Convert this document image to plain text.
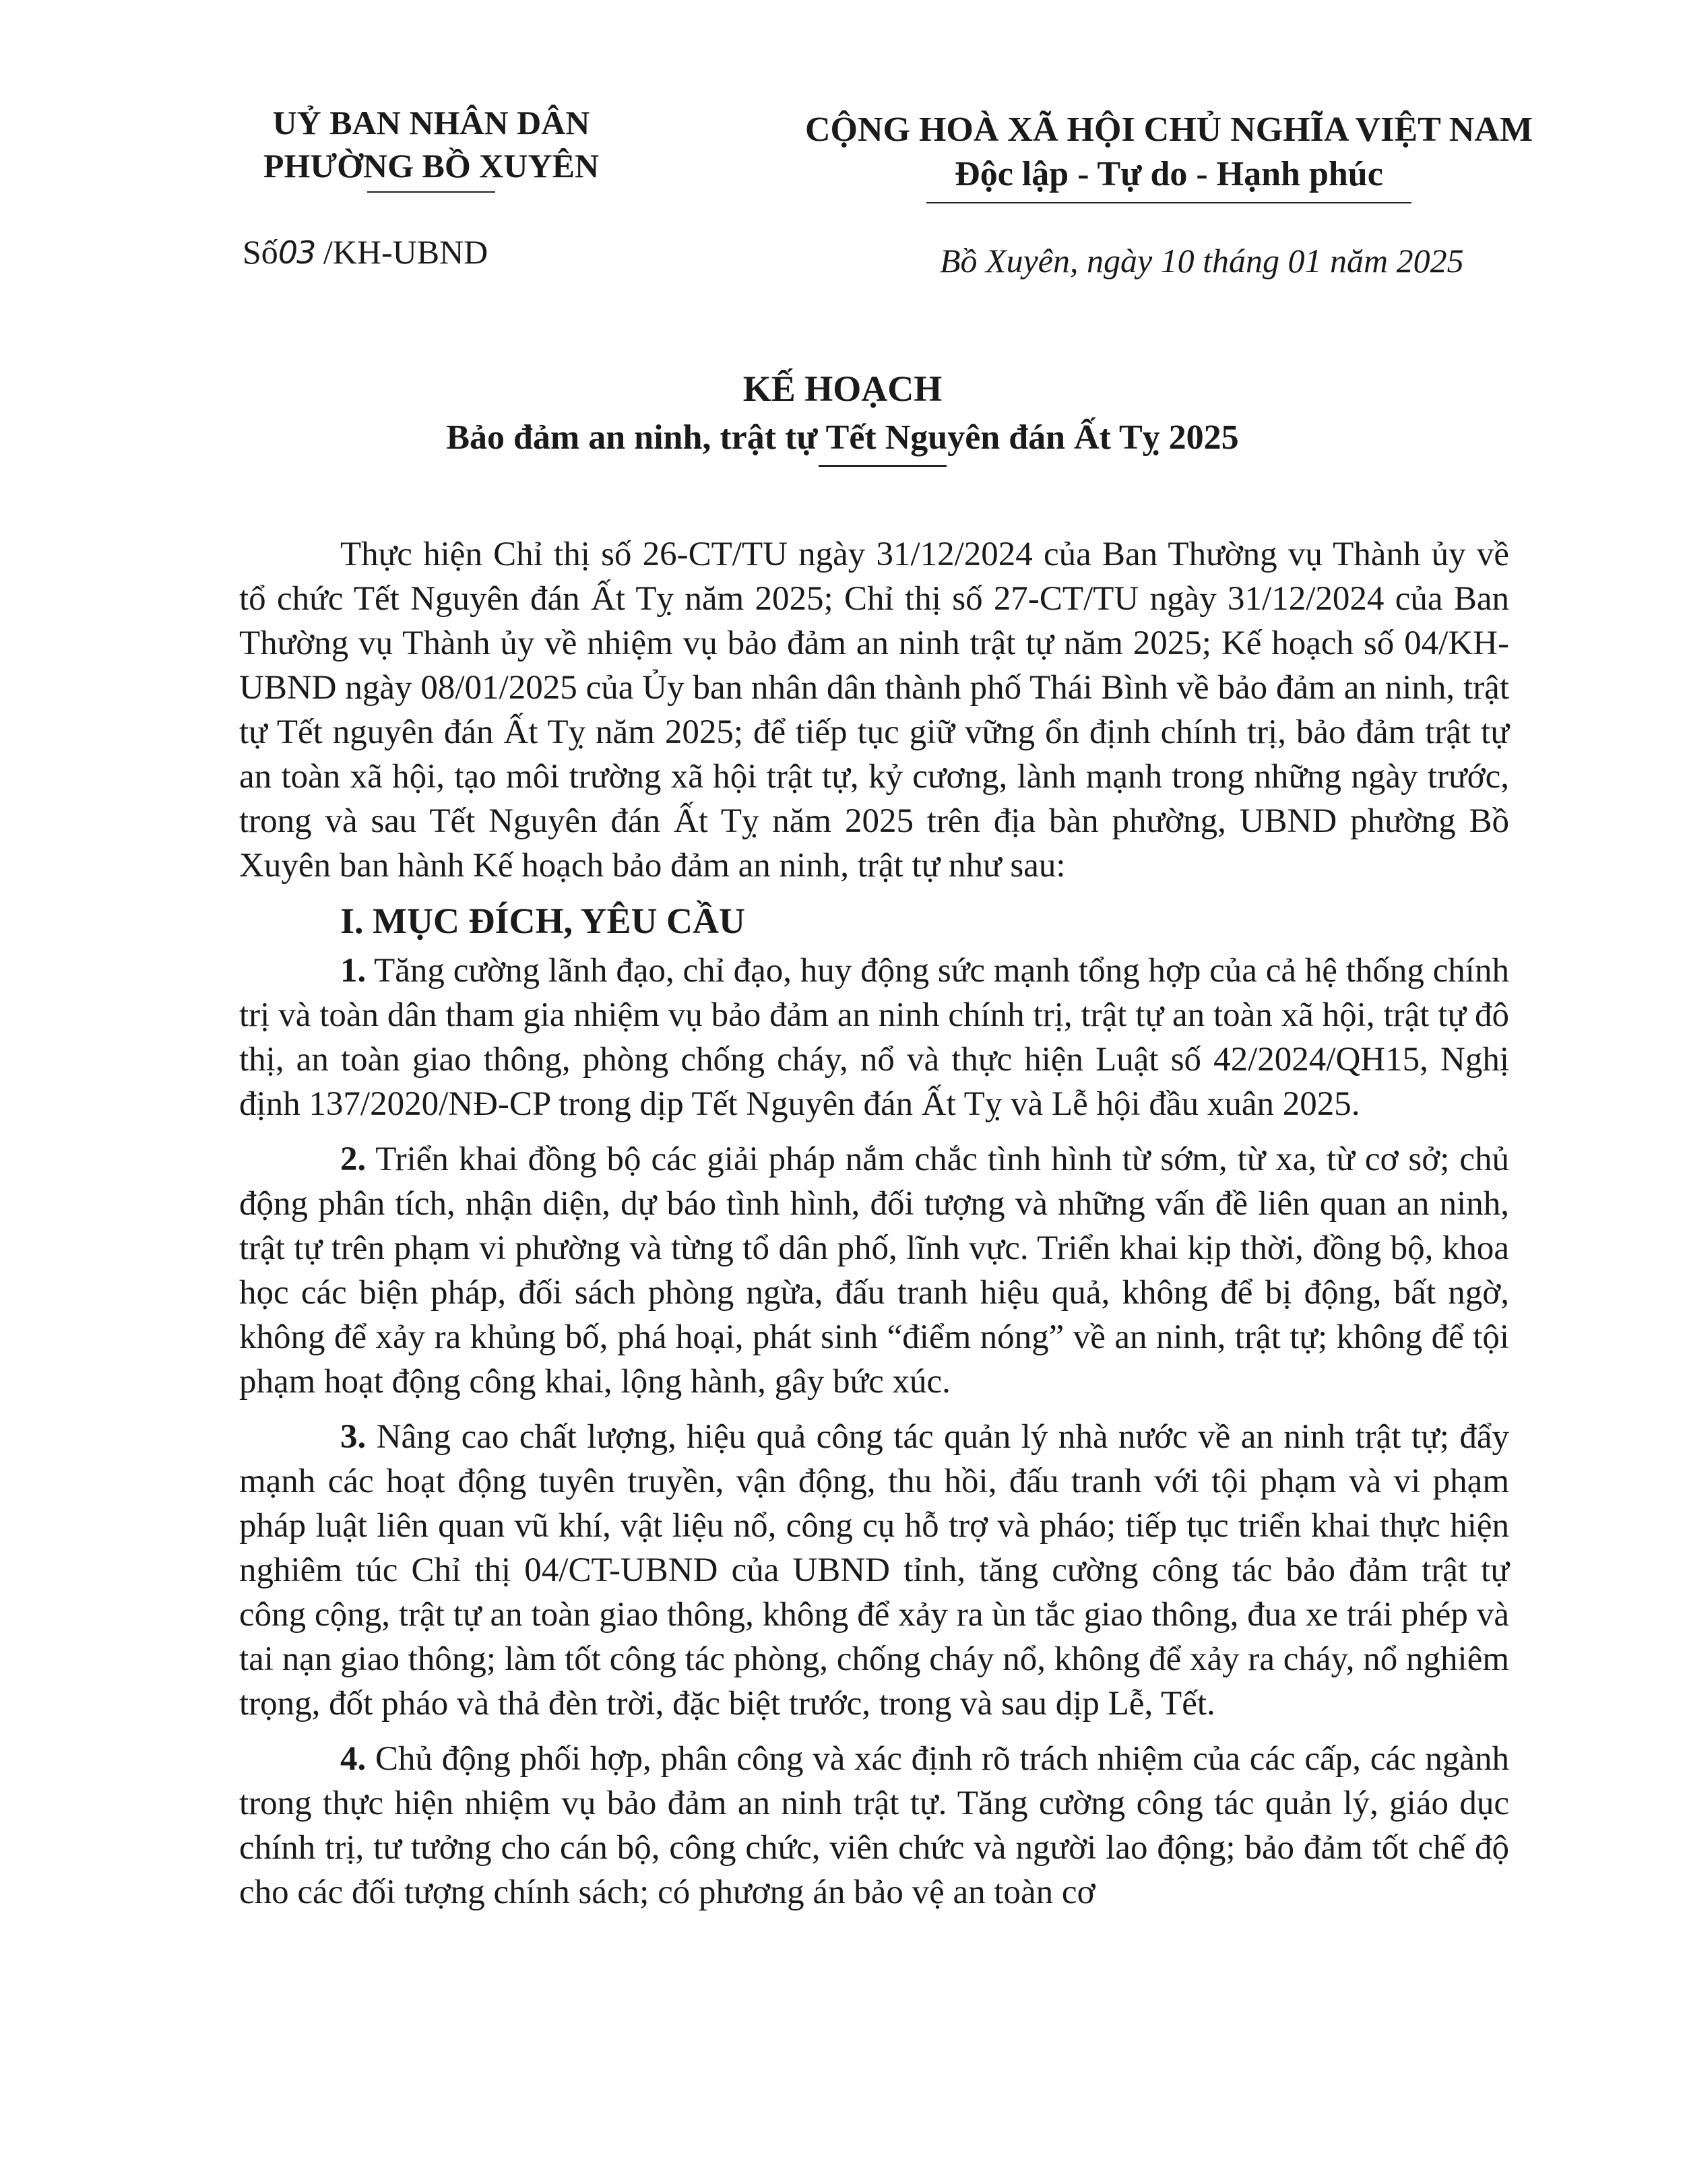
UỶ BAN NHÂN DÂN
PHƯỜNG BỒ XUYÊN
CỘNG HOÀ XÃ HỘI CHỦ NGHĨA VIỆT NAM
Độc lập - Tự do - Hạnh phúc
Số03 /KH-UBND	Bồ Xuyên, ngày 10 tháng 01 năm 2025
KẾ HOẠCH
Bảo đảm an ninh, trật tự Tết Nguyên đán Ất Tỵ 2025

Thực hiện Chỉ thị số 26-CT/TU ngày 31/12/2024 của Ban Thường vụ Thành ủy về tổ chức Tết Nguyên đán Ất Tỵ năm 2025; Chỉ thị số 27-CT/TU ngày 31/12/2024 của Ban Thường vụ Thành ủy về nhiệm vụ bảo đảm an ninh trật tự năm 2025; Kế hoạch số 04/KH-UBND ngày 08/01/2025 của Ủy ban nhân dân thành phố Thái Bình về bảo đảm an ninh, trật tự Tết nguyên đán Ất Tỵ năm 2025; để tiếp tục giữ vững ổn định chính trị, bảo đảm trật tự an toàn xã hội, tạo môi trường xã hội trật tự, kỷ cương, lành mạnh trong những ngày trước, trong và sau Tết Nguyên đán Ất Tỵ năm 2025 trên địa bàn phường, UBND phường Bồ Xuyên ban hành Kế hoạch bảo đảm an ninh, trật tự như sau:

I. MỤC ĐÍCH, YÊU CẦU

1. Tăng cường lãnh đạo, chỉ đạo, huy động sức mạnh tổng hợp của cả hệ thống chính trị và toàn dân tham gia nhiệm vụ bảo đảm an ninh chính trị, trật tự an toàn xã hội, trật tự đô thị, an toàn giao thông, phòng chống cháy, nổ và thực hiện Luật số 42/2024/QH15, Nghị định 137/2020/NĐ-CP trong dịp Tết Nguyên đán Ất Tỵ và Lễ hội đầu xuân 2025.

2. Triển khai đồng bộ các giải pháp nắm chắc tình hình từ sớm, từ xa, từ cơ sở; chủ động phân tích, nhận diện, dự báo tình hình, đối tượng và những vấn đề liên quan an ninh, trật tự trên phạm vi phường và từng tổ dân phố, lĩnh vực. Triển khai kịp thời, đồng bộ, khoa học các biện pháp, đối sách phòng ngừa, đấu tranh hiệu quả, không để bị động, bất ngờ, không để xảy ra khủng bố, phá hoại, phát sinh “điểm nóng” về an ninh, trật tự; không để tội phạm hoạt động công khai, lộng hành, gây bức xúc.

3. Nâng cao chất lượng, hiệu quả công tác quản lý nhà nước về an ninh trật tự; đẩy mạnh các hoạt động tuyên truyền, vận động, thu hồi, đấu tranh với tội phạm và vi phạm pháp luật liên quan vũ khí, vật liệu nổ, công cụ hỗ trợ và pháo; tiếp tục triển khai thực hiện nghiêm túc Chỉ thị 04/CT-UBND của UBND tỉnh, tăng cường công tác bảo đảm trật tự công cộng, trật tự an toàn giao thông, không để xảy ra ùn tắc giao thông, đua xe trái phép và tai nạn giao thông; làm tốt công tác phòng, chống cháy nổ, không để xảy ra cháy, nổ nghiêm trọng, đốt pháo và thả đèn trời, đặc biệt trước, trong và sau dịp Lễ, Tết.

4. Chủ động phối hợp, phân công và xác định rõ trách nhiệm của các cấp, các ngành trong thực hiện nhiệm vụ bảo đảm an ninh trật tự. Tăng cường công tác quản lý, giáo dục chính trị, tư tưởng cho cán bộ, công chức, viên chức và người lao động; bảo đảm tốt chế độ cho các đối tượng chính sách; có phương án bảo vệ an toàn cơ
